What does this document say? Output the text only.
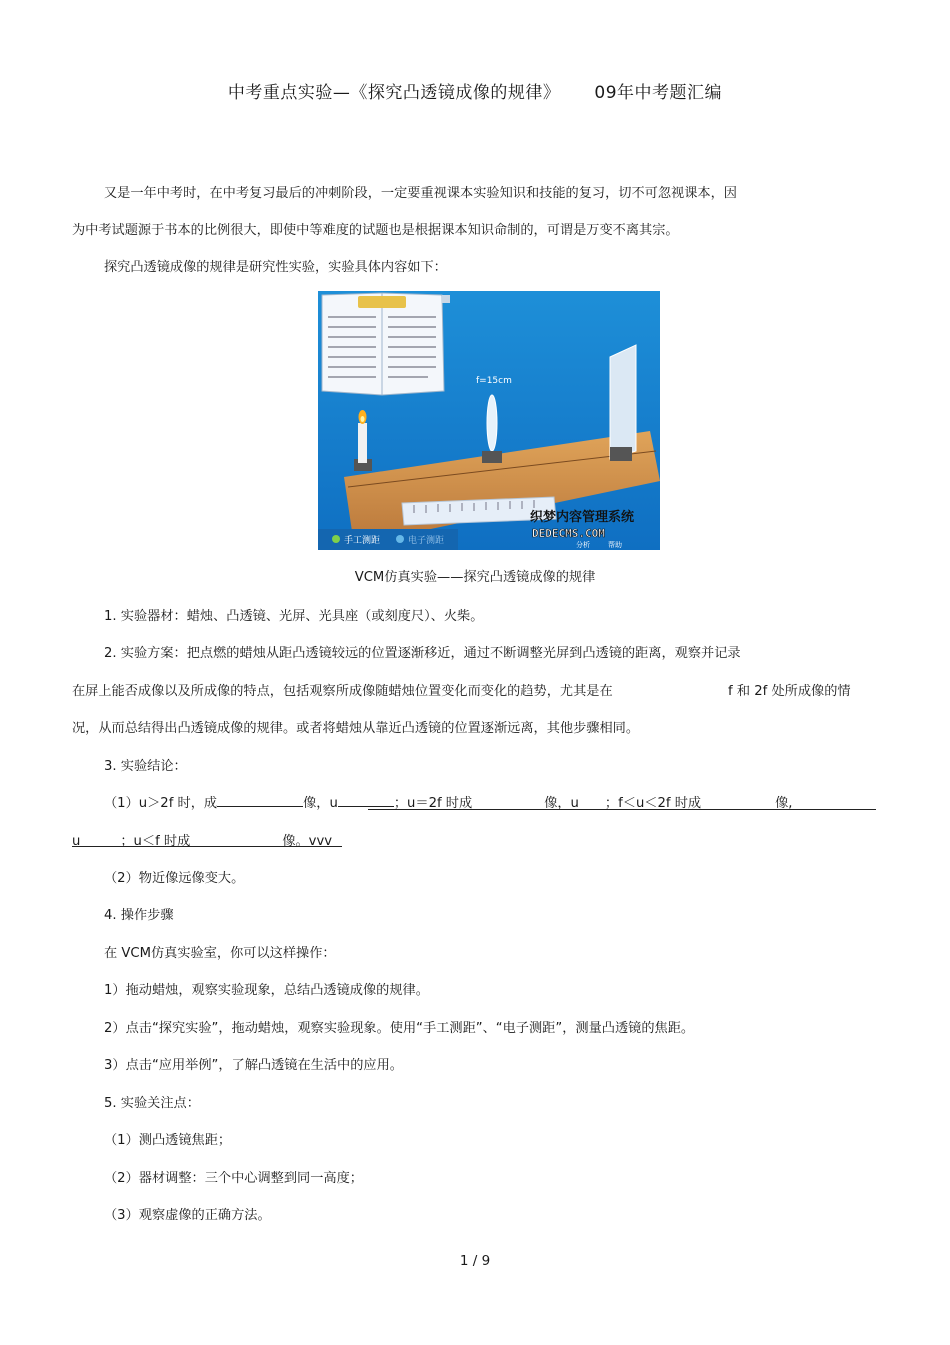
中考重点实验—《探究凸透镜成像的规律》 09年中考题汇编
又是一年中考时，在中考复习最后的冲刺阶段，一定要重视课本实验知识和技能的复习，切不可忽视课本，因
为中考试题源于书本的比例很大，即使中等难度的试题也是根据课本知识命制的，可谓是万变不离其宗。
探究凸透镜成像的规律是研究性实验，实验具体内容如下：
f=15cm
织梦内容管理系统
DEDECMS.COM
手工测距	电子测距	分析	帮助
VCM仿真实验——探究凸透镜成像的规律
1. 实验器材：蜡烛、凸透镜、光屏、光具座（或刻度尺）、火柴。
2. 实验方案：把点燃的蜡烛从距凸透镜较远的位置逐渐移近，通过不断调整光屏到凸透镜的距离，观察并记录
在屏上能否成像以及所成像的特点，包括观察所成像随蜡烛位置变化而变化的趋势，尤其是在	f 和 2f 处所成像的情
况，从而总结得出凸透镜成像的规律。或者将蜡烛从靠近凸透镜的位置逐渐远离，其他步骤相同。
3. 实验结论：
（1）u＞2f 时，成	像，u	；u＝2f 时成	像，u ；f＜u＜2f 时成	像,
u	；u＜f 时成	像。vvv
（2）物近像远像变大。
4. 操作步骤
在 VCM仿真实验室，你可以这样操作：
1）拖动蜡烛，观察实验现象，总结凸透镜成像的规律。
2）点击“探究实验”，拖动蜡烛，观察实验现象。使用“手工测距”、“电子测距”，测量凸透镜的焦距。
3）点击“应用举例”，了解凸透镜在生活中的应用。
5. 实验关注点：
（1）测凸透镜焦距；
（2）器材调整：三个中心调整到同一高度；
（3）观察虚像的正确方法。
1 / 9
